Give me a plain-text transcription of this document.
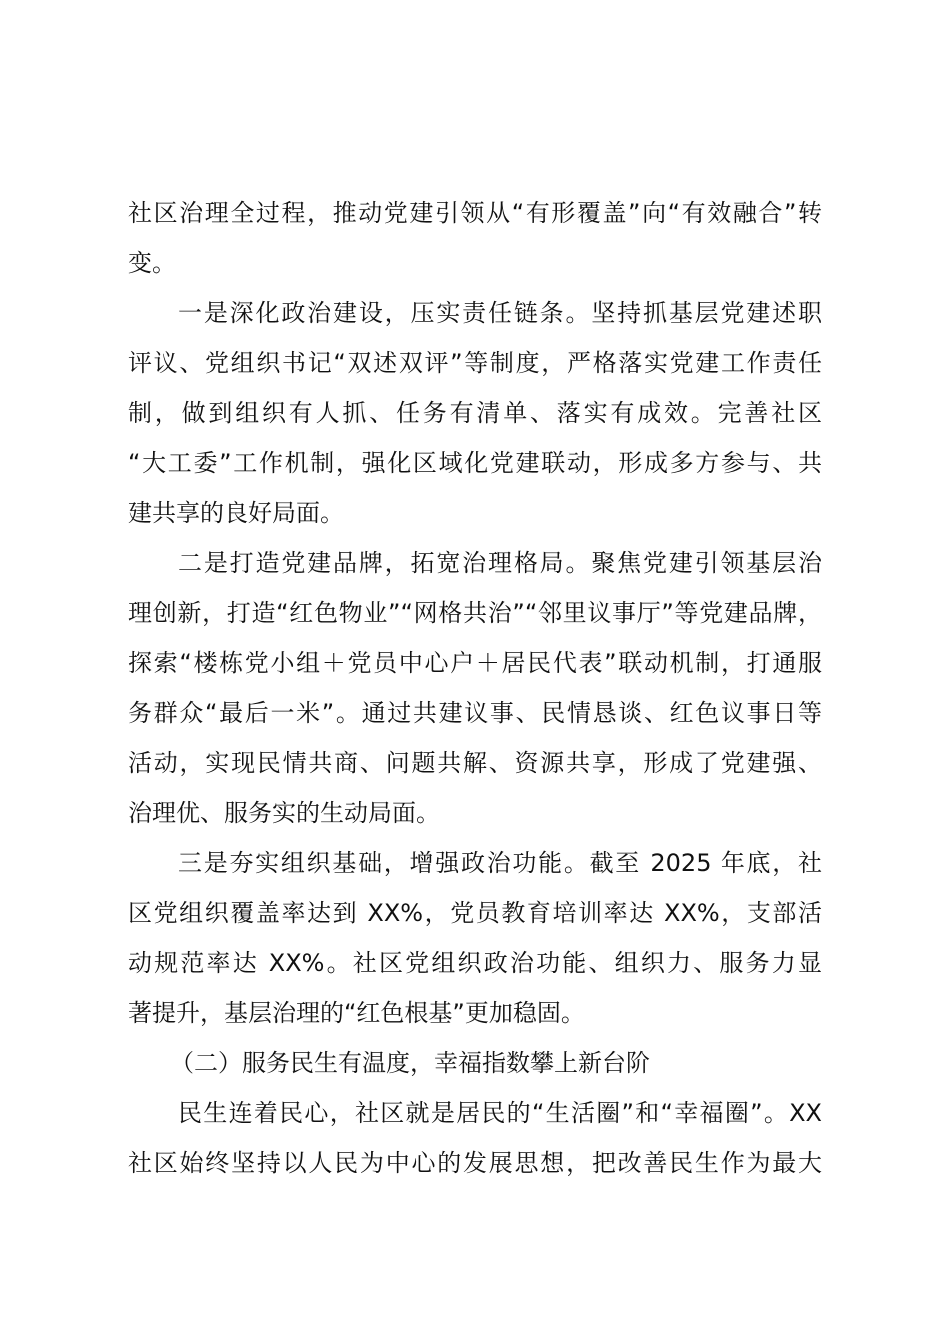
社区治理全过程，推动党建引领从“有形覆盖”向“有效融合”转
变。
一是深化政治建设，压实责任链条。坚持抓基层党建述职
评议、党组织书记“双述双评”等制度，严格落实党建工作责任
制，做到组织有人抓、任务有清单、落实有成效。完善社区
“大工委”工作机制，强化区域化党建联动，形成多方参与、共
建共享的良好局面。
二是打造党建品牌，拓宽治理格局。聚焦党建引领基层治
理创新，打造“红色物业”“网格共治”“邻里议事厅”等党建品牌，
探索“楼栋党小组＋党员中心户＋居民代表”联动机制，打通服
务群众“最后一米”。通过共建议事、民情恳谈、红色议事日等
活动，实现民情共商、问题共解、资源共享，形成了党建强、
治理优、服务实的生动局面。
三是夯实组织基础，增强政治功能。截至 2025 年底，社
区党组织覆盖率达到 XX%，党员教育培训率达 XX%，支部活
动规范率达 XX%。社区党组织政治功能、组织力、服务力显
著提升，基层治理的“红色根基”更加稳固。
（二）服务民生有温度，幸福指数攀上新台阶
民生连着民心，社区就是居民的“生活圈”和“幸福圈”。XX
社区始终坚持以人民为中心的发展思想，把改善民生作为最大
